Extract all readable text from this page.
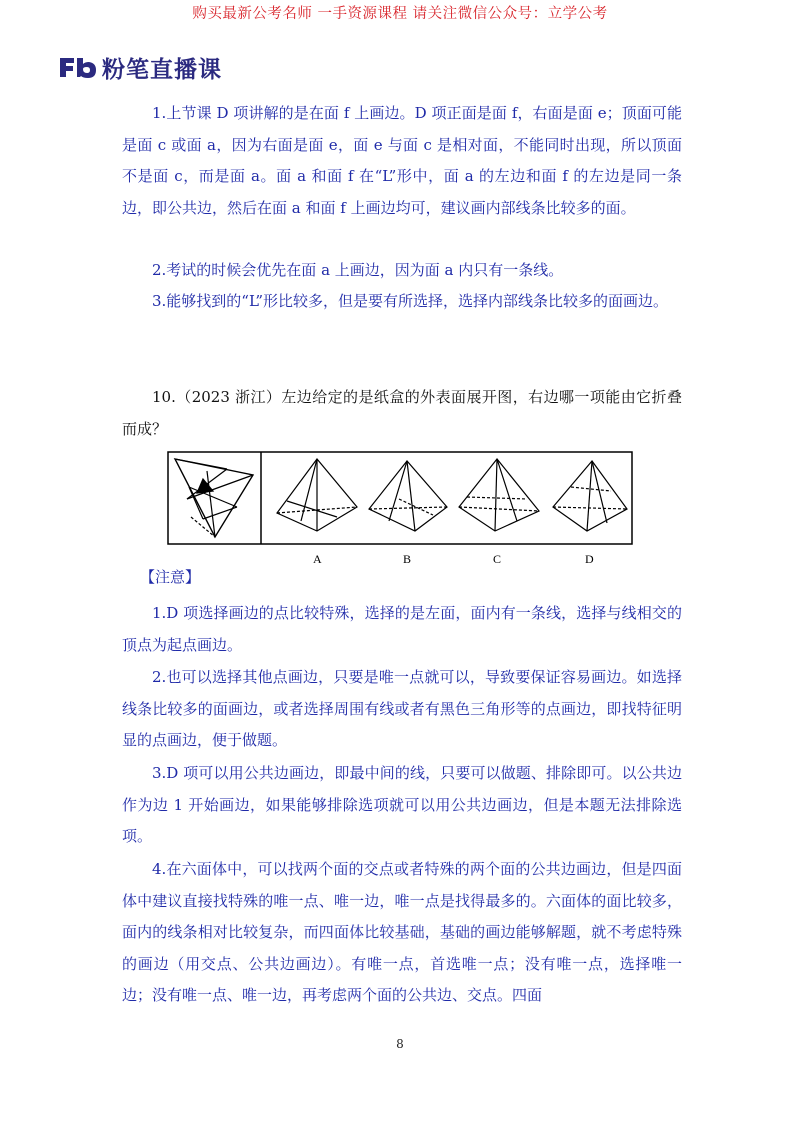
购买最新公考名师 一手资源课程 请关注微信公众号：立学公考
粉笔直播课

1.上节课 D 项讲解的是在面 f 上画边。D 项正面是面 f，右面是面 e；顶面可能是面 c 或面 a，因为右面是面 e，面 e 与面 c 是相对面，不能同时出现，所以顶面不是面 c，而是面 a。面 a 和面 f 在“L”形中，面 a 的左边和面 f 的左边是同一条边，即公共边，然后在面 a 和面 f 上画边均可，建议画内部线条比较多的面。

2.考试的时候会优先在面 a 上画边，因为面 a 内只有一条线。

3.能够找到的“L”形比较多，但是要有所选择，选择内部线条比较多的面画边。

10.（2023 浙江）左边给定的是纸盒的外表面展开图，右边哪一项能由它折叠而成？

A	B	C	D
【注意】

1.D 项选择画边的点比较特殊，选择的是左面，面内有一条线，选择与线相交的顶点为起点画边。

2.也可以选择其他点画边，只要是唯一点就可以，导致要保证容易画边。如选择线条比较多的面画边，或者选择周围有线或者有黑色三角形等的点画边，即找特征明显的点画边，便于做题。

3.D 项可以用公共边画边，即最中间的线，只要可以做题、排除即可。以公共边作为边 1 开始画边，如果能够排除选项就可以用公共边画边，但是本题无法排除选项。

4.在六面体中，可以找两个面的交点或者特殊的两个面的公共边画边，但是四面体中建议直接找特殊的唯一点、唯一边，唯一点是找得最多的。六面体的面比较多，面内的线条相对比较复杂，而四面体比较基础，基础的画边能够解题，就不考虑特殊的画边（用交点、公共边画边）。有唯一点，首选唯一点；没有唯一点，选择唯一边；没有唯一点、唯一边，再考虑两个面的公共边、交点。四面

8
